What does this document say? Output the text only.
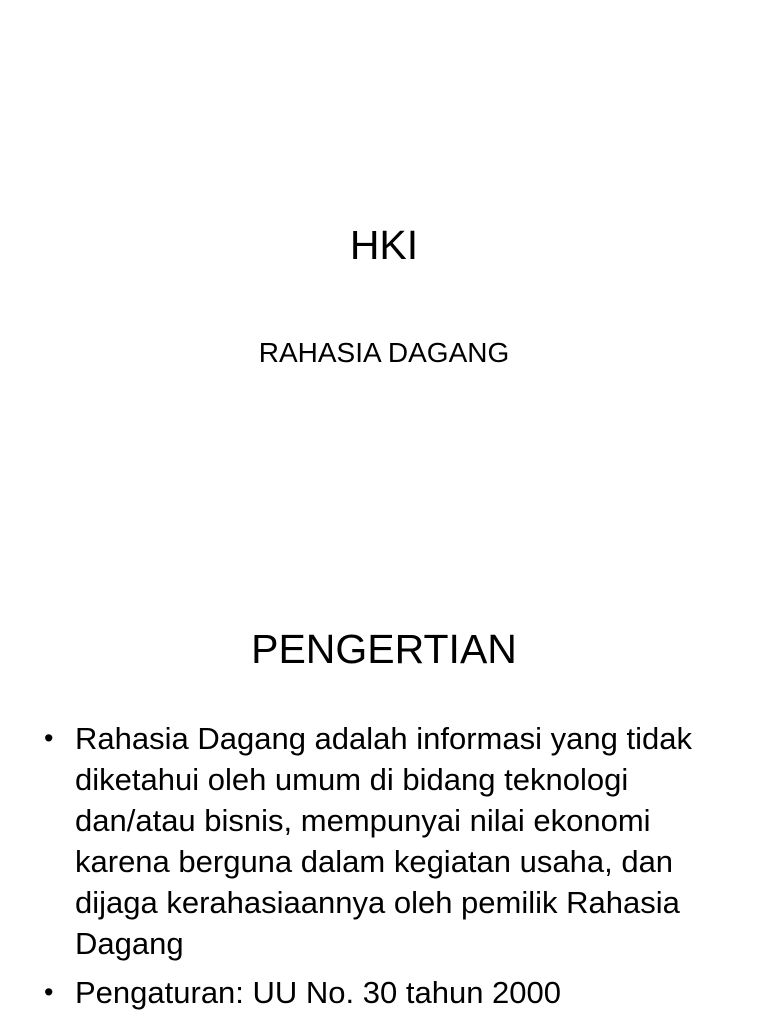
HKI
RAHASIA DAGANG
PENGERTIAN
• Rahasia Dagang adalah informasi yang tidak diketahui oleh umum di bidang teknologi dan/atau bisnis, mempunyai nilai ekonomi karena berguna dalam kegiatan usaha, dan dijaga kerahasiaannya oleh pemilik Rahasia Dagang
• Pengaturan: UU No. 30 tahun 2000
